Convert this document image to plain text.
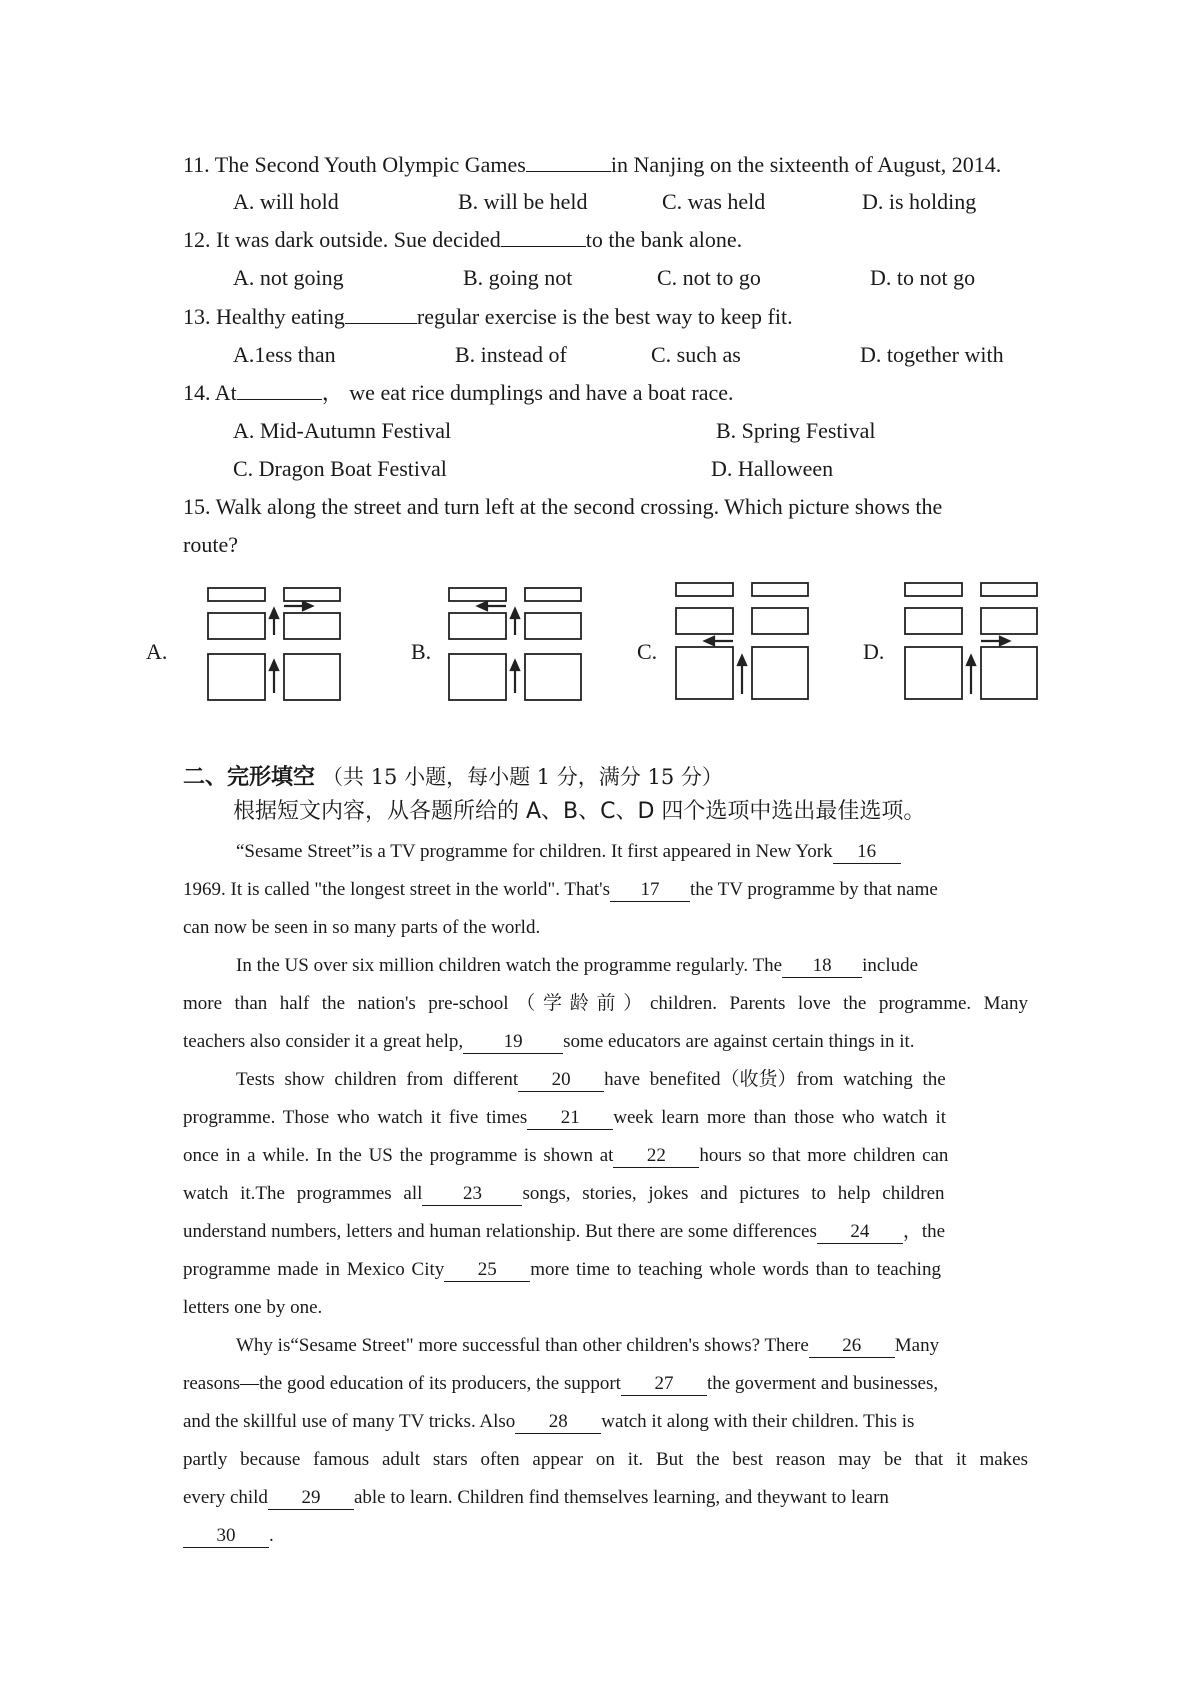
11. The Second Youth Olympic Games	in Nanjing on the sixteenth of August, 2014.
A. will hold	B. will be held	C. was held	D. is holding
12. It was dark outside. Sue decided	to the bank alone.
A. not going	B. going not	C. not to go	D. to not go
13. Healthy eating	regular exercise is the best way to keep fit.
A.1ess than	B. instead of	C. such as	D. together with
14. At	， we eat rice dumplings and have a boat race.
A. Mid-Autumn Festival	B. Spring Festival
C. Dragon Boat Festival	D. Halloween
15. Walk along the street and turn left at the second crossing. Which picture shows the
route?
A.	B.	C.	D.
二、完形填空 （共 15 小题，每小题 1 分，满分 15 分）
根据短文内容，从各题所给的 A、B、C、D 四个选项中选出最佳选项。
“Sesame Street”is a TV programme for children. It first appeared in New York 16
1969. It is called "the longest street in the world". That's 17 the TV programme by that name
can now be seen in so many parts of the world.
In the US over six million children watch the programme regularly. The 18 include
more than half the nation's pre-school（学龄前）children. Parents love the programme. Many
teachers also consider it a great help, 19 some educators are against certain things in it.
Tests show children from different 20 have benefited（收货）from watching the
programme. Those who watch it five times 21 week learn more than those who watch it
once in a while. In the US the programme is shown at 22 hours so that more children can
watch it.The programmes all 23 songs, stories, jokes and pictures to help children
understand numbers, letters and human relationship. But there are some differences 24 ，the
programme made in Mexico City 25 more time to teaching whole words than to teaching
letters one by one.
Why is“Sesame Street" more successful than other children's shows? There 26 Many
reasons—the good education of its producers, the support 27 the goverment and businesses,
and the skillful use of many TV tricks. Also 28 watch it along with their children. This is
partly because famous adult stars often appear on it. But the best reason may be that it makes
every child 29 able to learn. Children find themselves learning, and theywant to learn
30 .
